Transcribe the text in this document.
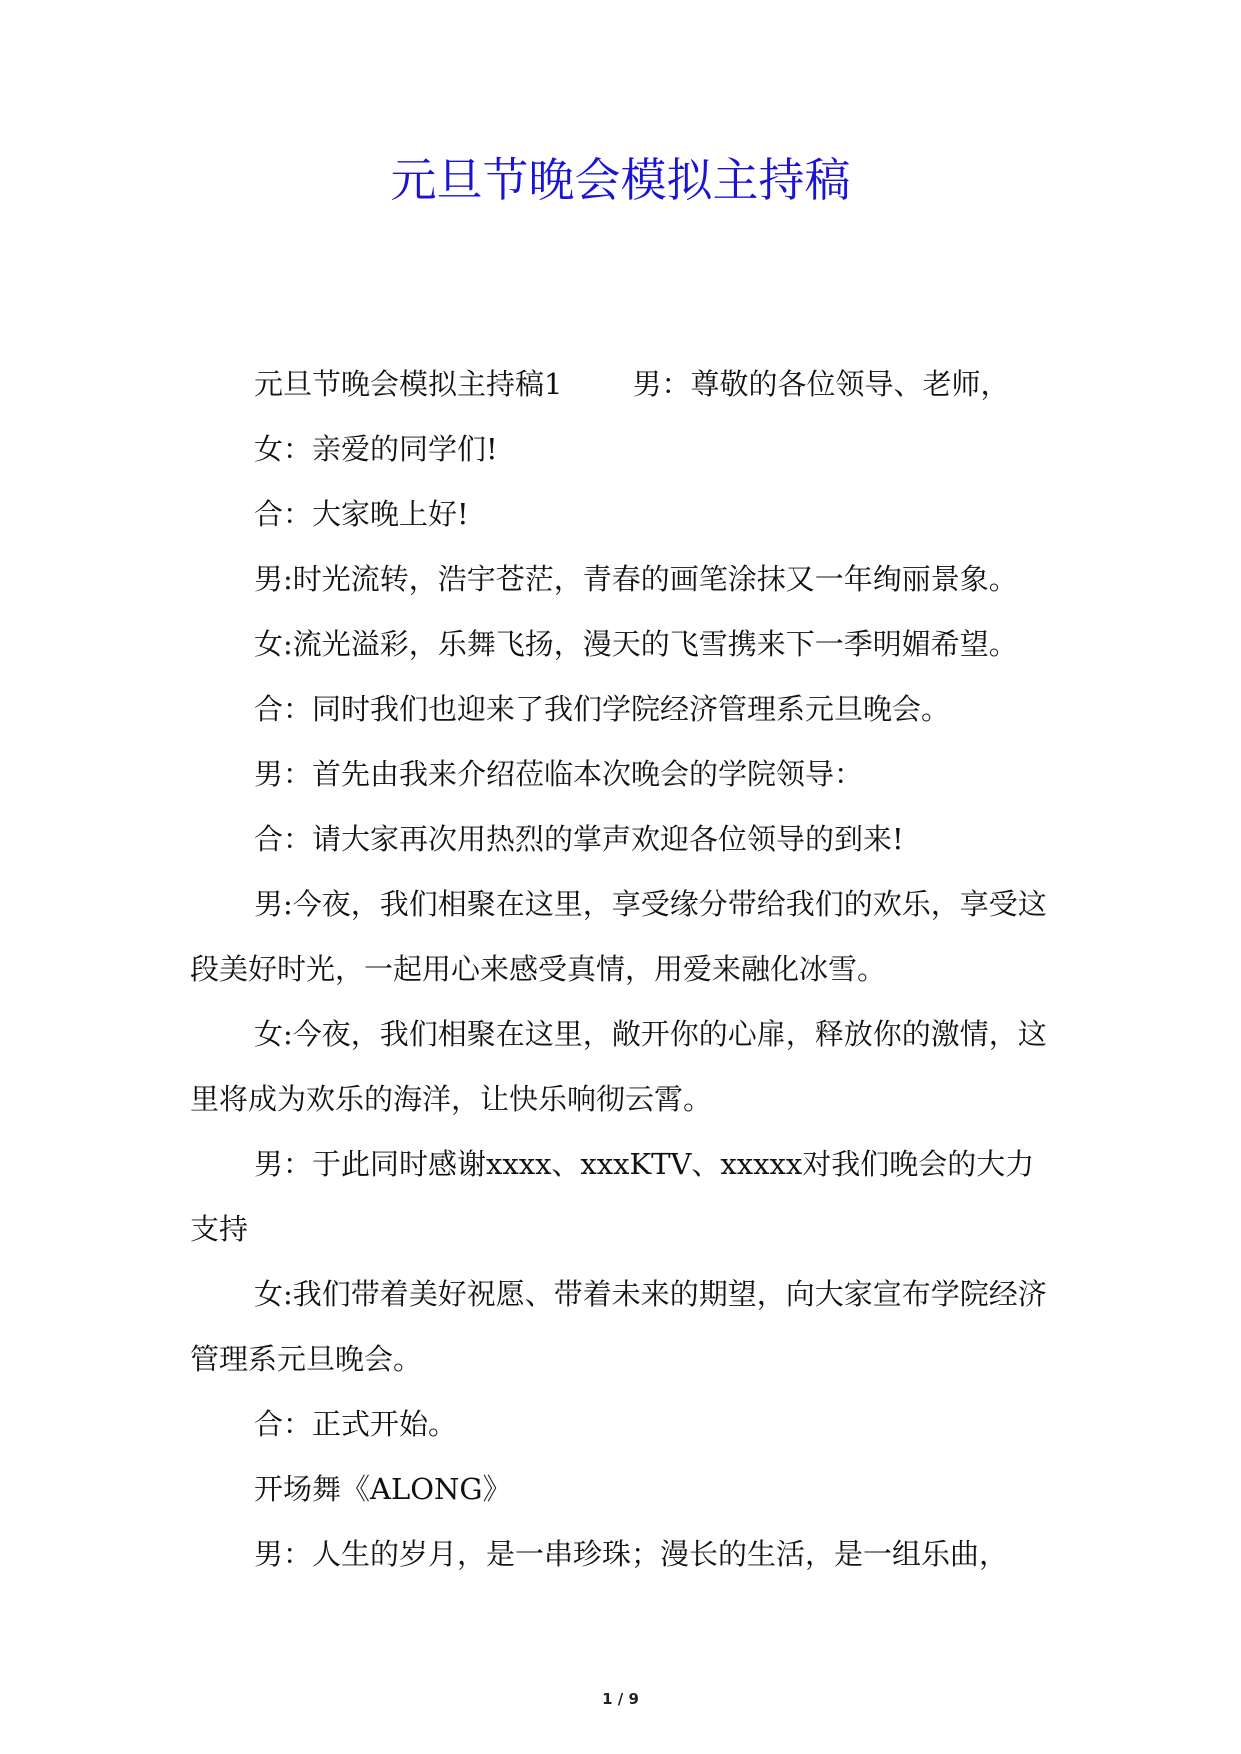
元旦节晚会模拟主持稿

元旦节晚会模拟主持稿1 男：尊敬的各位领导、老师，

女：亲爱的同学们!

合：大家晚上好!

男:时光流转，浩宇苍茫，青春的画笔涂抹又一年绚丽景象。

女:流光溢彩，乐舞飞扬，漫天的飞雪携来下一季明媚希望。

合：同时我们也迎来了我们学院经济管理系元旦晚会。

男：首先由我来介绍莅临本次晚会的学院领导：

合：请大家再次用热烈的掌声欢迎各位领导的到来!

男:今夜，我们相聚在这里，享受缘分带给我们的欢乐，享受这段美好时光，一起用心来感受真情，用爱来融化冰雪。

女:今夜，我们相聚在这里，敞开你的心扉，释放你的激情，这里将成为欢乐的海洋，让快乐响彻云霄。

男：于此同时感谢xxxx、xxxKTV、xxxxx对我们晚会的大力支持

女:我们带着美好祝愿、带着未来的期望，向大家宣布学院经济管理系元旦晚会。

合：正式开始。

开场舞《ALONG》

男：人生的岁月，是一串珍珠；漫长的生活，是一组乐曲，

1 / 9
